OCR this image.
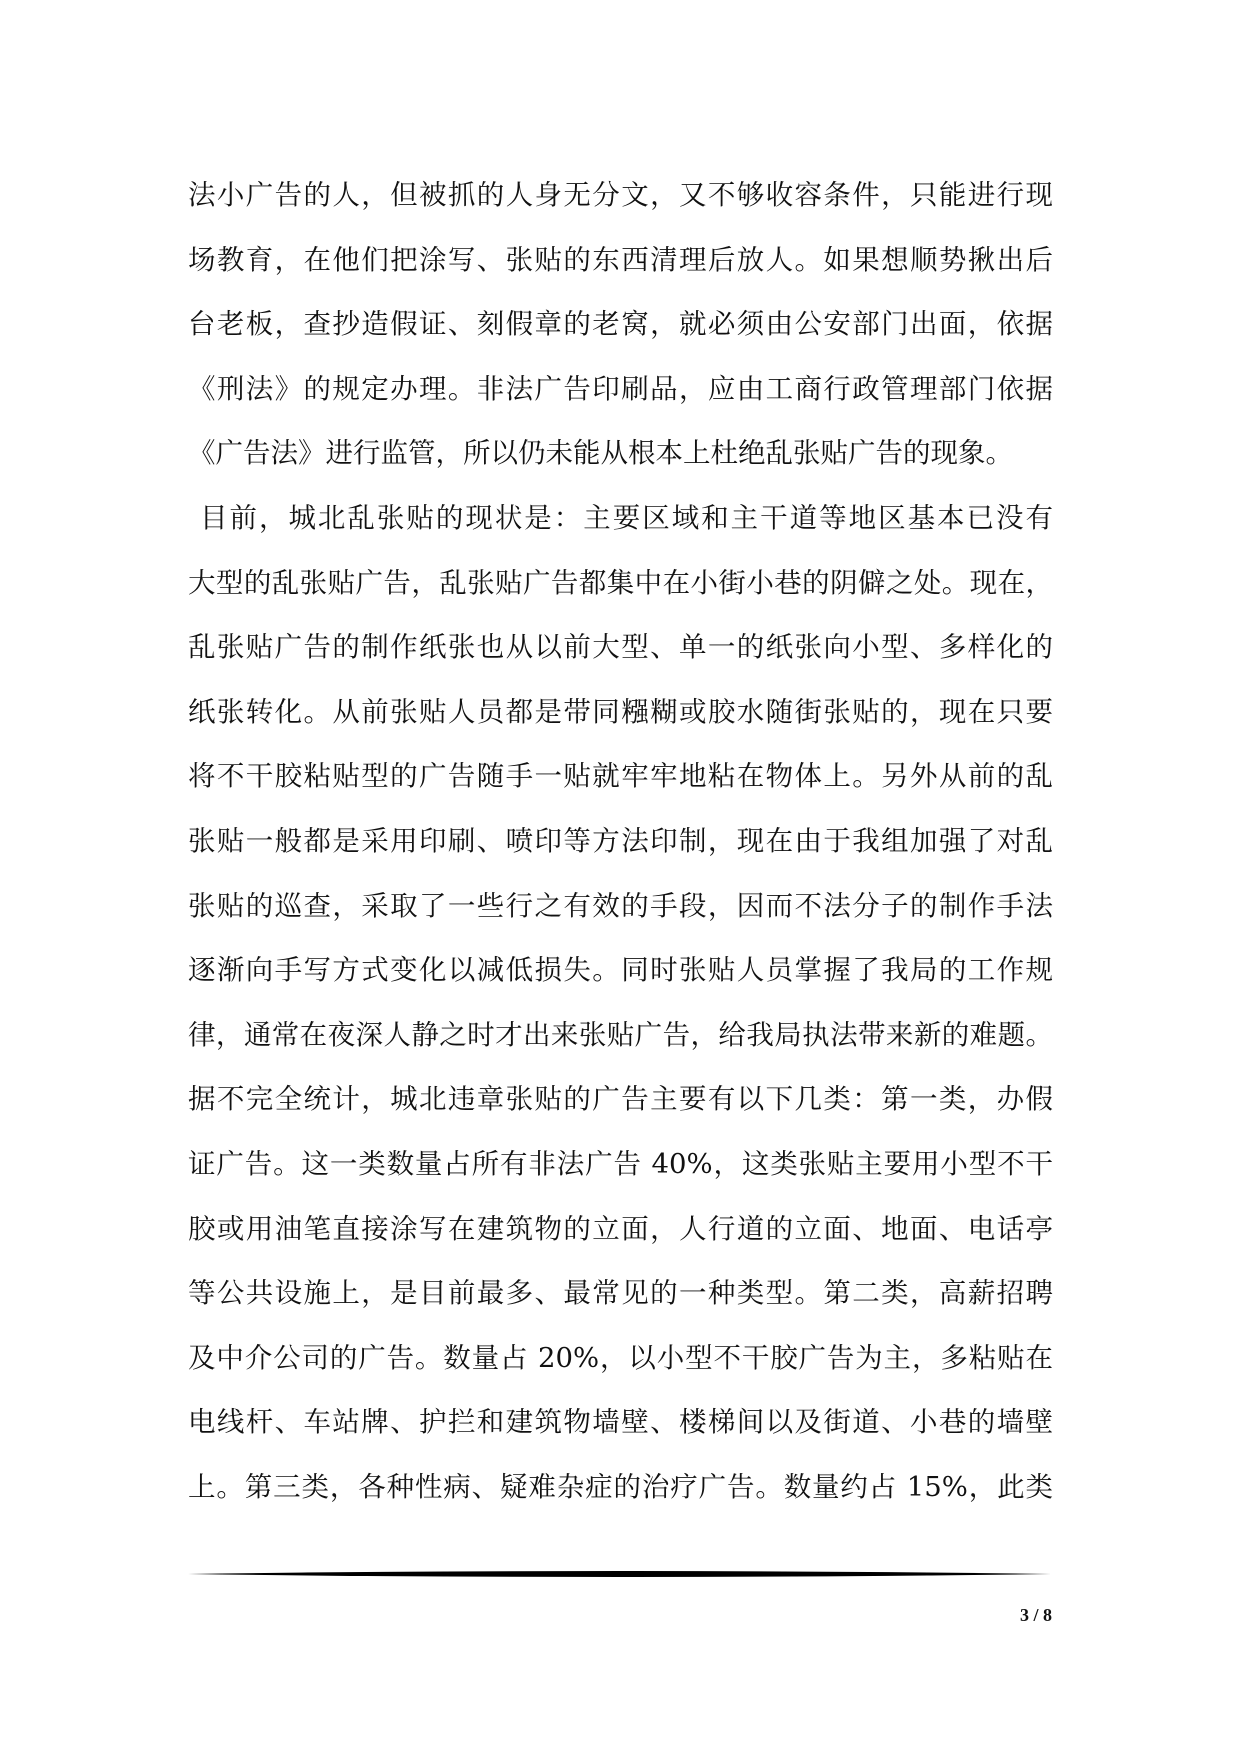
法小广告的人，但被抓的人身无分文，又不够收容条件，只能进行现
场教育，在他们把涂写、张贴的东西清理后放人。如果想顺势揪出后
台老板，查抄造假证、刻假章的老窝，就必须由公安部门出面，依据
《刑法》的规定办理。非法广告印刷品，应由工商行政管理部门依据
《广告法》进行监管，所以仍未能从根本上杜绝乱张贴广告的现象。
目前，城北乱张贴的现状是：主要区域和主干道等地区基本已没有
大型的乱张贴广告，乱张贴广告都集中在小街小巷的阴僻之处。现在，
乱张贴广告的制作纸张也从以前大型、单一的纸张向小型、多样化的
纸张转化。从前张贴人员都是带同糨糊或胶水随街张贴的，现在只要
将不干胶粘贴型的广告随手一贴就牢牢地粘在物体上。另外从前的乱
张贴一般都是采用印刷、喷印等方法印制，现在由于我组加强了对乱
张贴的巡查，采取了一些行之有效的手段，因而不法分子的制作手法
逐渐向手写方式变化以减低损失。同时张贴人员掌握了我局的工作规
律，通常在夜深人静之时才出来张贴广告，给我局执法带来新的难题。
据不完全统计，城北违章张贴的广告主要有以下几类：第一类，办假
证广告。这一类数量占所有非法广告 40%，这类张贴主要用小型不干
胶或用油笔直接涂写在建筑物的立面，人行道的立面、地面、电话亭
等公共设施上，是目前最多、最常见的一种类型。第二类，高薪招聘
及中介公司的广告。数量占 20%，以小型不干胶广告为主，多粘贴在
电线杆、车站牌、护拦和建筑物墙壁、楼梯间以及街道、小巷的墙壁
上。第三类，各种性病、疑难杂症的治疗广告。数量约占 15%，此类
3 / 8
